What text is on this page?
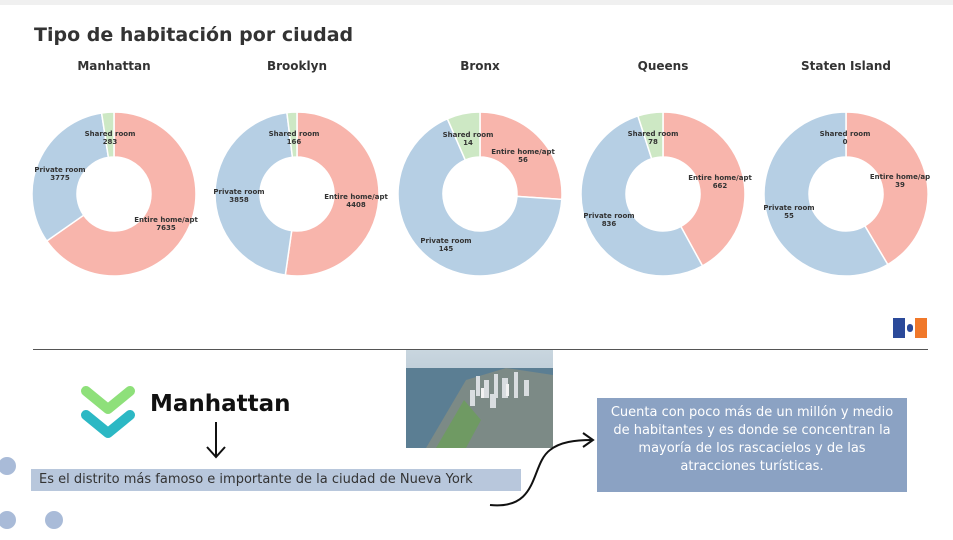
Tipo de habitación por ciudad
Manhattan
Entire home/apt
7635
Private room
3775
Shared room
283
Brooklyn
Entire home/apt
4408
Private room
3858
Shared room
166
Bronx
Entire home/apt
56
Private room
145
Shared room
14
Queens
Entire home/apt
662
Private room
836
Shared room
78
Staten Island
Entire home/ap
39
Private room
55
Shared room
0
Manhattan
Es el distrito más famoso e importante de la ciudad de Nueva York
Cuenta con poco más de un millón y medio
de habitantes y es donde se concentran la
mayoría de los rascacielos y de las
atracciones turísticas.
